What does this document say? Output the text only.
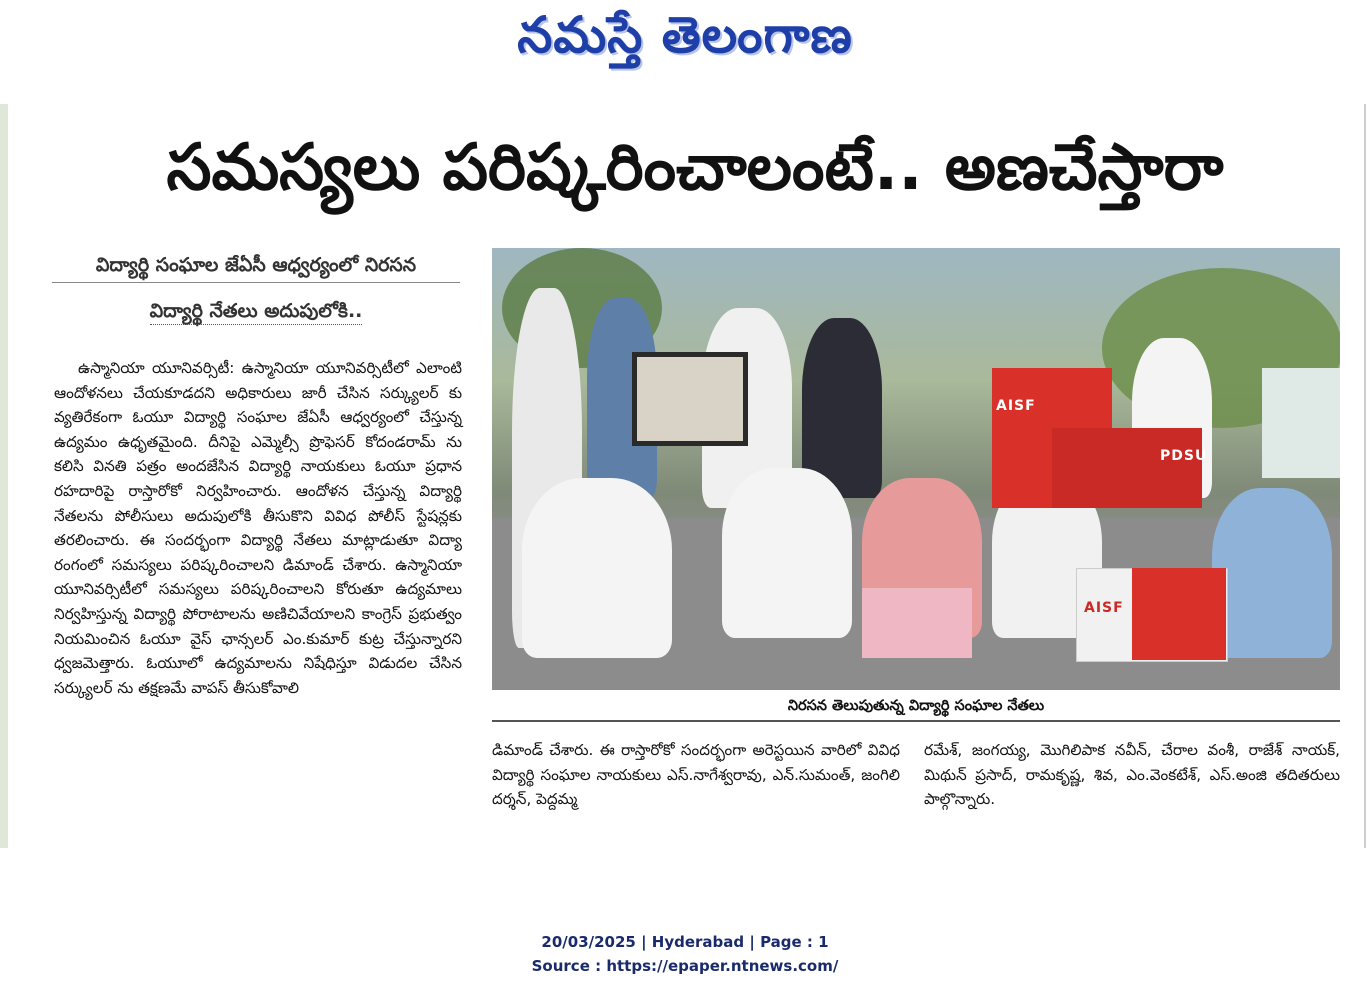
నమస్తే తెలంగాణ
సమస్యలు పరిష్కరించాలంటే.. అణచేస్తారా
విద్యార్థి సంఘాల జేఏసీ ఆధ్వర్యంలో నిరసన
విద్యార్థి నేతలు అదుపులోకి..

ఉస్మానియా యూనివర్సిటీ: ఉస్మానియా యూనివర్సిటీలో ఎలాంటి ఆందోళనలు చేయకూడదని అధికారులు జారీ చేసిన సర్క్యులర్ కు వ్యతిరేకంగా ఓయూ విద్యార్థి సంఘాల జేఏసీ ఆధ్వర్యంలో చేస్తున్న ఉద్యమం ఉధృతమైంది. దీనిపై ఎమ్మెల్సీ ప్రొఫెసర్ కోదండరామ్ ను కలిసి వినతి పత్రం అందజేసిన విద్యార్థి నాయకులు ఓయూ ప్రధాన రహదారిపై రాస్తారోకో నిర్వహించారు. ఆందోళన చేస్తున్న విద్యార్థి నేతలను పోలీసులు అదుపులోకి తీసుకొని వివిధ పోలీస్ స్టేషన్లకు తరలించారు. ఈ సందర్భంగా విద్యార్థి నేతలు మాట్లాడుతూ విద్యా రంగంలో సమస్యలు పరిష్కరించాలని డిమాండ్ చేశారు. ఉస్మానియా యూనివర్సిటీలో సమస్యలు పరిష్కరించాలని కోరుతూ ఉద్యమాలు నిర్వహిస్తున్న విద్యార్థి పోరాటాలను అణిచివేయాలని కాంగ్రెస్ ప్రభుత్వం నియమించిన ఓయూ వైస్ ఛాన్సలర్ ఎం.కుమార్ కుట్ర చేస్తున్నారని ధ్వజమెత్తారు. ఓయూలో ఉద్యమాలను నిషేధిస్తూ విడుదల చేసిన సర్క్యులర్ ను తక్షణమే వాపస్ తీసుకోవాలి

AISF
PDSU
AISF
నిరసన తెలుపుతున్న విద్యార్థి సంఘాల నేతలు

డిమాండ్ చేశారు. ఈ రాస్తారోకో సందర్భంగా అరెస్టయిన వారిలో వివిధ విద్యార్థి సంఘాల నాయకులు ఎస్.నాగేశ్వరావు, ఎన్.సుమంత్, జంగిలి దర్శన్, పెద్దమ్మ

రమేశ్, జంగయ్య, మొగిలిపాక నవీన్, చేరాల వంశీ, రాజేశ్ నాయక్, మిథున్ ప్రసాద్, రామకృష్ణ, శివ, ఎం.వెంకటేశ్, ఎస్.అంజి తదితరులు పాల్గొన్నారు.

20/03/2025 | Hyderabad | Page : 1
Source : https://epaper.ntnews.com/
